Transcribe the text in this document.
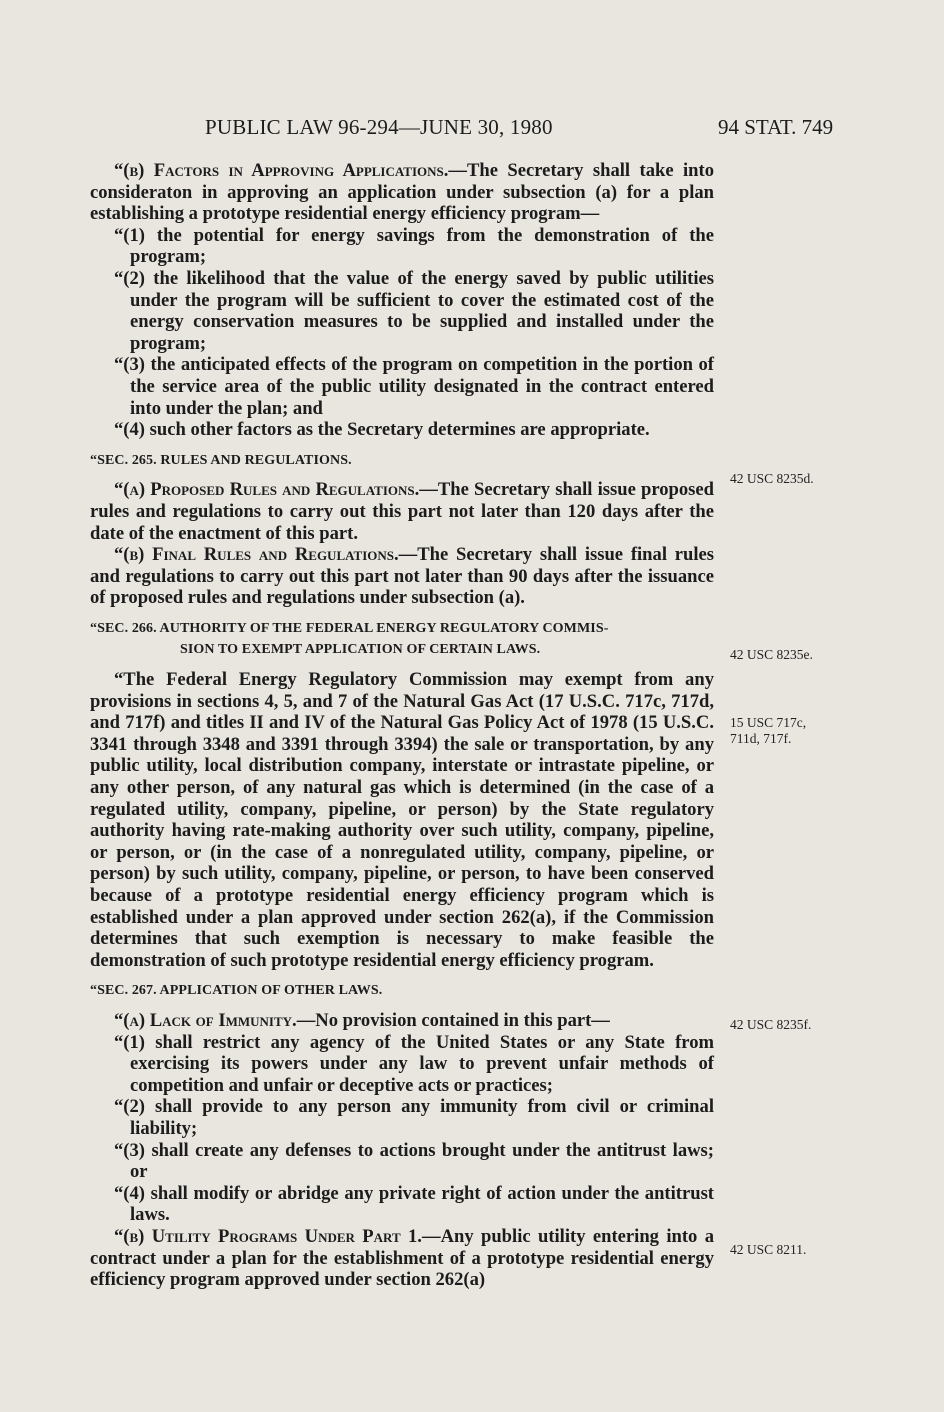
PUBLIC LAW 96-294—JUNE 30, 1980	94 STAT. 749

“(b) Factors in Approving Applications.—The Secretary shall take into consideraton in approving an application under subsection (a) for a plan establishing a prototype residential energy efficiency program—

“(1) the potential for energy savings from the demonstration of the program;

“(2) the likelihood that the value of the energy saved by public utilities under the program will be sufficient to cover the estimated cost of the energy conservation measures to be supplied and installed under the program;

“(3) the anticipated effects of the program on competition in the portion of the service area of the public utility designated in the contract entered into under the plan; and

“(4) such other factors as the Secretary determines are appropriate.

“SEC. 265. RULES AND REGULATIONS.

“(a) Proposed Rules and Regulations.—The Secretary shall issue proposed rules and regulations to carry out this part not later than 120 days after the date of the enactment of this part.

“(b) Final Rules and Regulations.—The Secretary shall issue final rules and regulations to carry out this part not later than 90 days after the issuance of proposed rules and regulations under subsection (a).

“SEC. 266. AUTHORITY OF THE FEDERAL ENERGY REGULATORY COMMIS-
SION TO EXEMPT APPLICATION OF CERTAIN LAWS.

“The Federal Energy Regulatory Commission may exempt from any provisions in sections 4, 5, and 7 of the Natural Gas Act (17 U.S.C. 717c, 717d, and 717f) and titles II and IV of the Natural Gas Policy Act of 1978 (15 U.S.C. 3341 through 3348 and 3391 through 3394) the sale or transportation, by any public utility, local distribution company, interstate or intrastate pipeline, or any other person, of any natural gas which is determined (in the case of a regulated utility, company, pipeline, or person) by the State regulatory authority having rate-making authority over such utility, company, pipeline, or person, or (in the case of a nonregulated utility, company, pipeline, or person) by such utility, company, pipeline, or person, to have been conserved because of a prototype residential energy efficiency program which is established under a plan approved under section 262(a), if the Commission determines that such exemption is necessary to make feasible the demonstration of such prototype residential energy efficiency program.

“SEC. 267. APPLICATION OF OTHER LAWS.

“(a) Lack of Immunity.—No provision contained in this part—

“(1) shall restrict any agency of the United States or any State from exercising its powers under any law to prevent unfair methods of competition and unfair or deceptive acts or practices;

“(2) shall provide to any person any immunity from civil or criminal liability;

“(3) shall create any defenses to actions brought under the antitrust laws; or

“(4) shall modify or abridge any private right of action under the antitrust laws.

“(b) Utility Programs Under Part 1.—Any public utility entering into a contract under a plan for the establishment of a prototype residential energy efficiency program approved under section 262(a)

42 USC 8235d.
42 USC 8235e.
15 USC 717c,
711d, 717f.
42 USC 8235f.
42 USC 8211.
